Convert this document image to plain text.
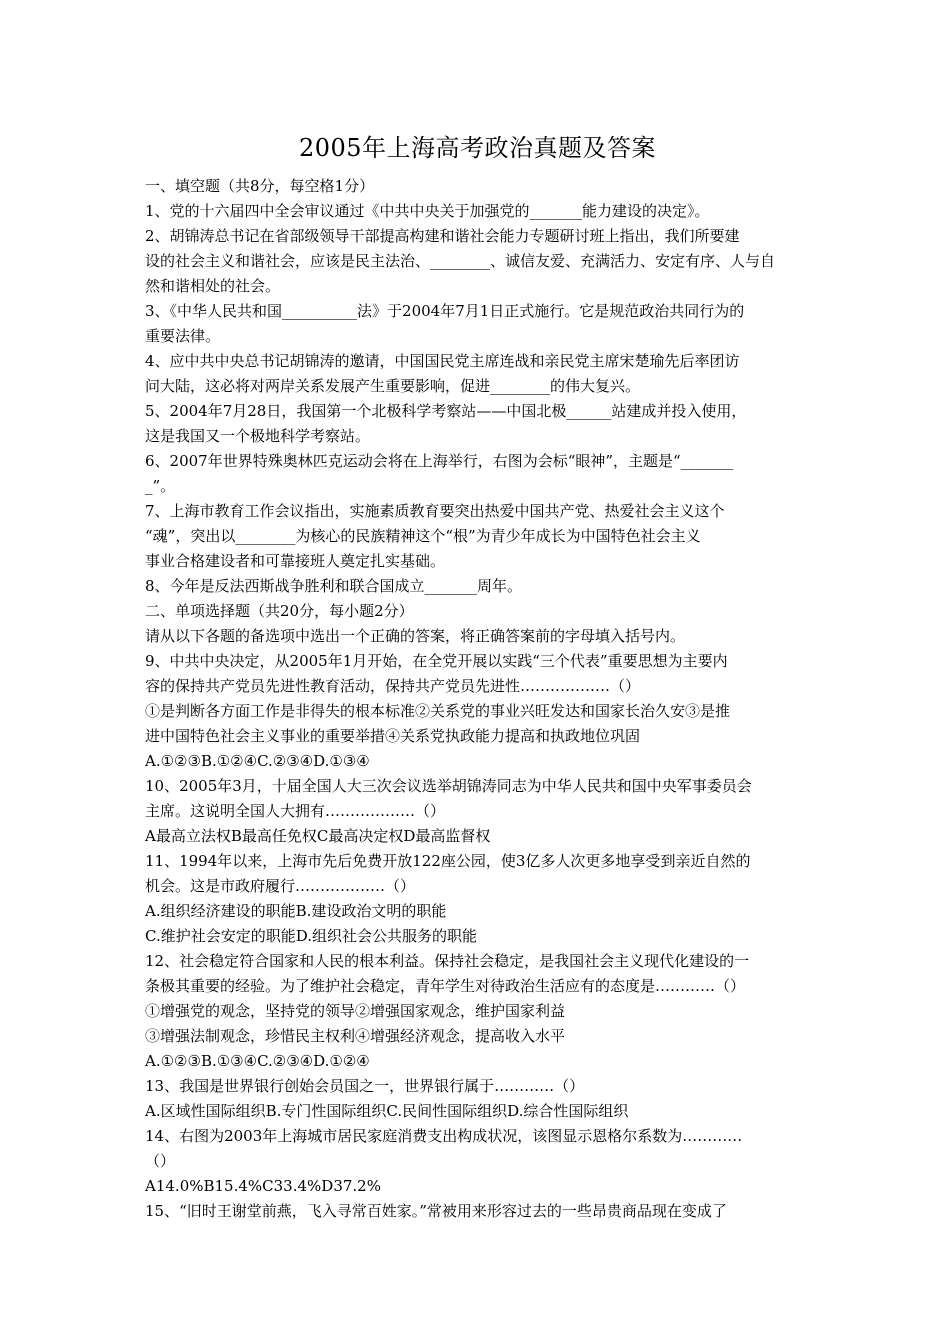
2005年上海高考政治真题及答案

一、填空题（共8分，每空格1分）

1、党的十六届四中全会审议通过《中共中央关于加强党的_______能力建设的决定》。

2、胡锦涛总书记在省部级领导干部提高构建和谐社会能力专题研讨班上指出，我们所要建

设的社会主义和谐社会，应该是民主法治、________、诚信友爱、充满活力、安定有序、人与自

然和谐相处的社会。

3、《中华人民共和国__________法》于2004年7月1日正式施行。它是规范政治共同行为的

重要法律。

4、应中共中央总书记胡锦涛的邀请，中国国民党主席连战和亲民党主席宋楚瑜先后率团访

问大陆，这必将对两岸关系发展产生重要影响，促进________的伟大复兴。

5、2004年7月28日，我国第一个北极科学考察站——中国北极______站建成并投入使用，

这是我国又一个极地科学考察站。

6、2007年世界特殊奥林匹克运动会将在上海举行，右图为会标“眼神”，主题是“_______

_”。

7、上海市教育工作会议指出，实施素质教育要突出热爱中国共产党、热爱社会主义这个

“魂”，突出以________为核心的民族精神这个“根”为青少年成长为中国特色社会主义

事业合格建设者和可靠接班人奠定扎实基础。

8、今年是反法西斯战争胜利和联合国成立_______周年。

二、单项选择题（共20分，每小题2分）

请从以下各题的备选项中选出一个正确的答案，将正确答案前的字母填入括号内。

9、中共中央决定，从2005年1月开始，在全党开展以实践“三个代表”重要思想为主要内

容的保持共产党员先进性教育活动，保持共产党员先进性………………（）

①是判断各方面工作是非得失的根本标准②关系党的事业兴旺发达和国家长治久安③是推

进中国特色社会主义事业的重要举措④关系党执政能力提高和执政地位巩固

A.①②③B.①②④C.②③④D.①③④

10、2005年3月，十届全国人大三次会议选举胡锦涛同志为中华人民共和国中央军事委员会

主席。这说明全国人大拥有………………（）

A最高立法权B最高任免权C最高决定权D最高监督权

11、1994年以来，上海市先后免费开放122座公园，使3亿多人次更多地享受到亲近自然的

机会。这是市政府履行………………（）

A.组织经济建设的职能B.建设政治文明的职能

C.维护社会安定的职能D.组织社会公共服务的职能

12、社会稳定符合国家和人民的根本利益。保持社会稳定，是我国社会主义现代化建设的一

条极其重要的经验。为了维护社会稳定，青年学生对待政治生活应有的态度是…………（）

①增强党的观念，坚持党的领导②增强国家观念，维护国家利益

③增强法制观念，珍惜民主权利④增强经济观念，提高收入水平

A.①②③B.①③④C.②③④D.①②④

13、我国是世界银行创始会员国之一，世界银行属于…………（）

A.区域性国际组织B.专门性国际组织C.民间性国际组织D.综合性国际组织

14、右图为2003年上海城市居民家庭消费支出构成状况，该图显示恩格尔系数为…………

（）

A14.0%B15.4%C33.4%D37.2%

15、“旧时王谢堂前燕，飞入寻常百姓家。”常被用来形容过去的一些昂贵商品现在变成了
